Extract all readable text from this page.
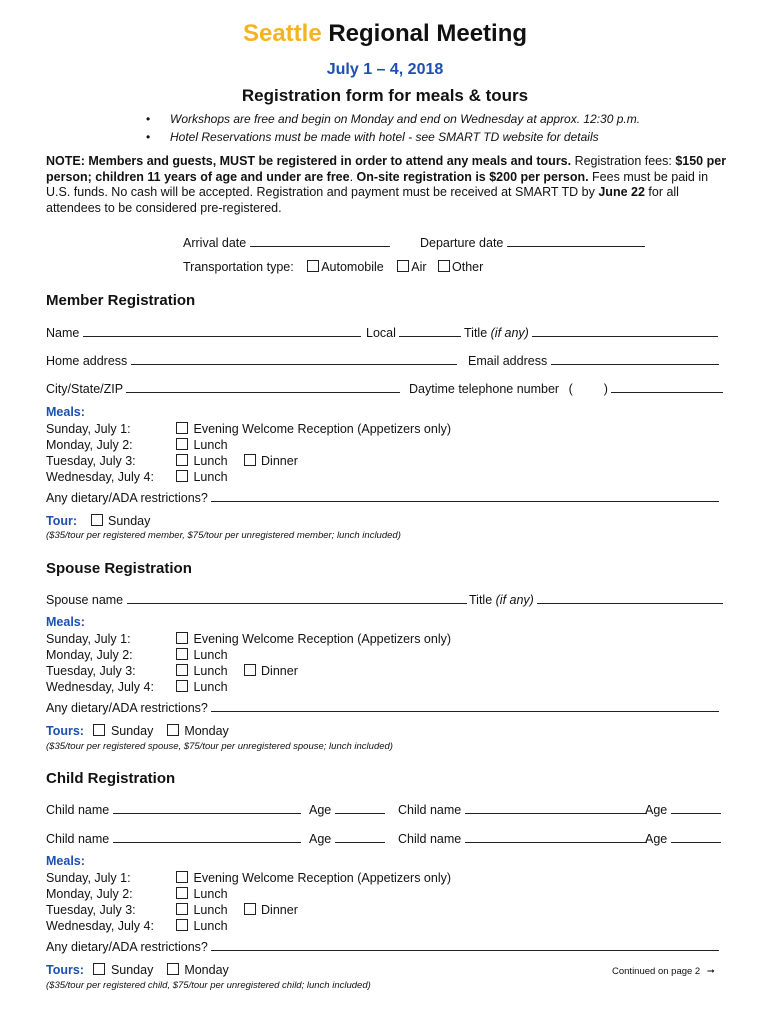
Seattle Regional Meeting
July 1 – 4, 2018
Registration form for meals & tours
• Workshops are free and begin on Monday and end on Wednesday at approx. 12:30 p.m.
• Hotel Reservations must be made with hotel - see SMART TD website for details
NOTE: Members and guests, MUST be registered in order to attend any meals and tours. Registration fees: $150 per person; children 11 years of age and under are free. On-site registration is $200 per person. Fees must be paid in U.S. funds. No cash will be accepted. Registration and payment must be received at SMART TD by June 22 for all attendees to be considered pre-registered.
Arrival date	Departure date
Transportation type: Automobile Air Other
Member Registration
Name	Local	Title (if any)
Home address	Email address
City/State/ZIP	Daytime telephone number ( )
Meals:
Sunday, July 1:	Evening Welcome Reception (Appetizers only)
Monday, July 2:	Lunch
Tuesday, July 3:	Lunch Dinner
Wednesday, July 4:	Lunch
Any dietary/ADA restrictions?
Tour: Sunday
($35/tour per registered member, $75/tour per unregistered member; lunch included)
Spouse Registration
Spouse name	Title (if any)
Meals:
Sunday, July 1:	Evening Welcome Reception (Appetizers only)
Monday, July 2:	Lunch
Tuesday, July 3:	Lunch Dinner
Wednesday, July 4:	Lunch
Any dietary/ADA restrictions?
Tours: Sunday Monday
($35/tour per registered spouse, $75/tour per unregistered spouse; lunch included)
Child Registration
Child name	Age	Child name	Age
Child name	Age	Child name	Age
Meals:
Sunday, July 1:	Evening Welcome Reception (Appetizers only)
Monday, July 2:	Lunch
Tuesday, July 3:	Lunch Dinner
Wednesday, July 4:	Lunch
Any dietary/ADA restrictions?
Tours: Sunday Monday
($35/tour per registered child, $75/tour per unregistered child; lunch included)
Continued on page 2 ➞
